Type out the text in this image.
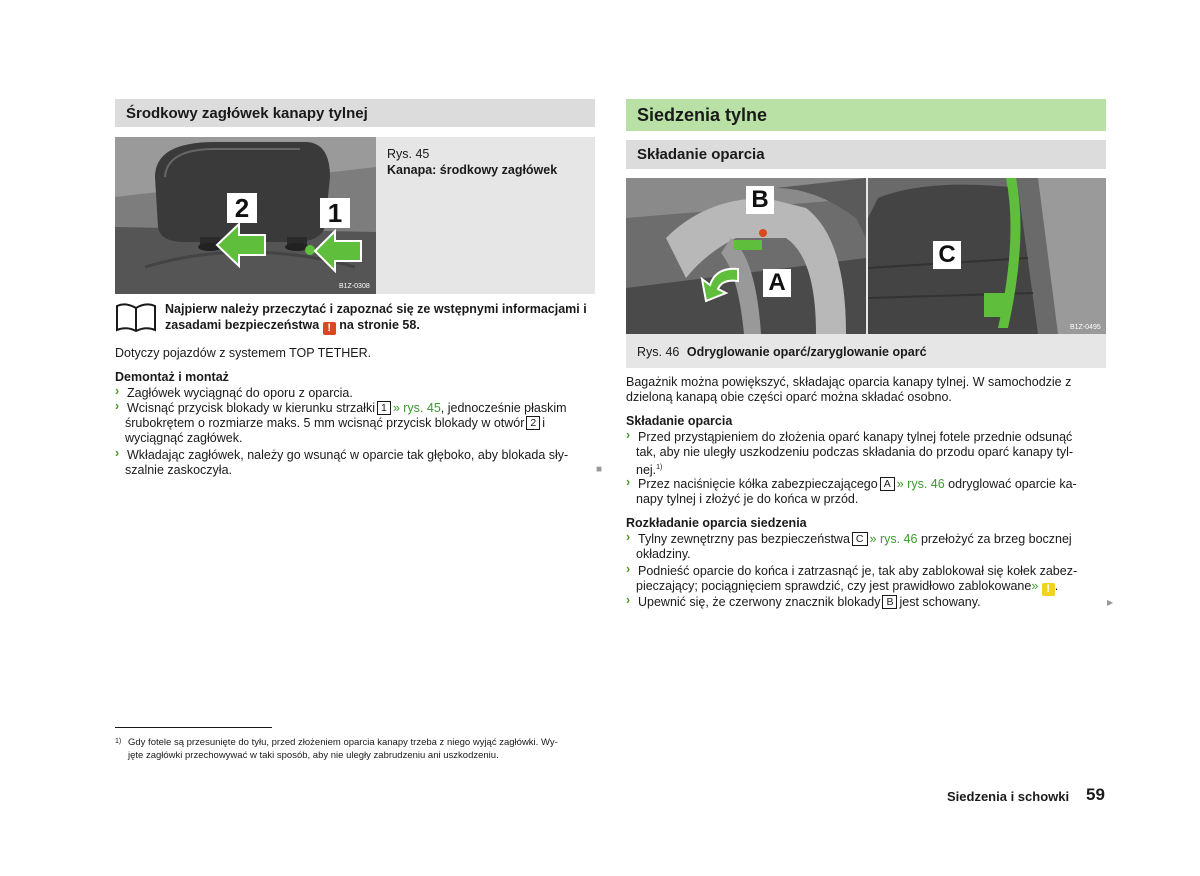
Środkowy zagłówek kanapy tylnej
2	1
B1Z-0308
Rys. 45
Kanapa: środkowy zagłówek
Najpierw należy przeczytać i zapoznać się ze wstępnymi informacjami i
zasadami bezpieczeństwa ! na stronie 58.
Dotyczy pojazdów z systemem TOP TETHER.
Demontaż i montaż
› Zagłówek wyciągnąć do oporu z oparcia.
› Wcisnąć przycisk blokady w kierunku strzałki 1 » rys. 45, jednocześnie płaskim
śrubokrętem o rozmiarze maks. 5 mm wcisnąć przycisk blokady w otwór 2 i
wyciągnąć zagłówek.
› Wkładając zagłówek, należy go wsunąć w oparcie tak głęboko, aby blokada sły-
szalnie zaskoczyła.	■
1) Gdy fotele są przesunięte do tyłu, przed złożeniem oparcia kanapy trzeba z niego wyjąć zagłówki. Wy-
jęte zagłówki przechowywać w taki sposób, aby nie uległy zabrudzeniu ani uszkodzeniu.
Siedzenia tylne
Składanie oparcia
B
A
C
B1Z-0495
Rys. 46 Odryglowanie oparć/zaryglowanie oparć
Bagażnik można powiększyć, składając oparcia kanapy tylnej. W samochodzie z
dzieloną kanapą obie części oparć można składać osobno.
Składanie oparcia
› Przed przystąpieniem do złożenia oparć kanapy tylnej fotele przednie odsunąć
tak, aby nie uległy uszkodzeniu podczas składania do przodu oparć kanapy tyl-
nej.$^{1)}$
› Przez naciśnięcie kółka zabezpieczającego A » rys. 46 odryglować oparcie ka-
napy tylnej i złożyć je do końca w przód.
Rozkładanie oparcia siedzenia
› Tylny zewnętrzny pas bezpieczeństwa C » rys. 46 przełożyć za brzeg bocznej
okładziny.
› Podnieść oparcie do końca i zatrzasnąć je, tak aby zablokował się kołek zabez-
pieczający; pociągnięciem sprawdzić, czy jest prawidłowo zablokowane» ! .
› Upewnić się, że czerwony znacznik blokady B jest schowany.	▶
Siedzenia i schowki 59
